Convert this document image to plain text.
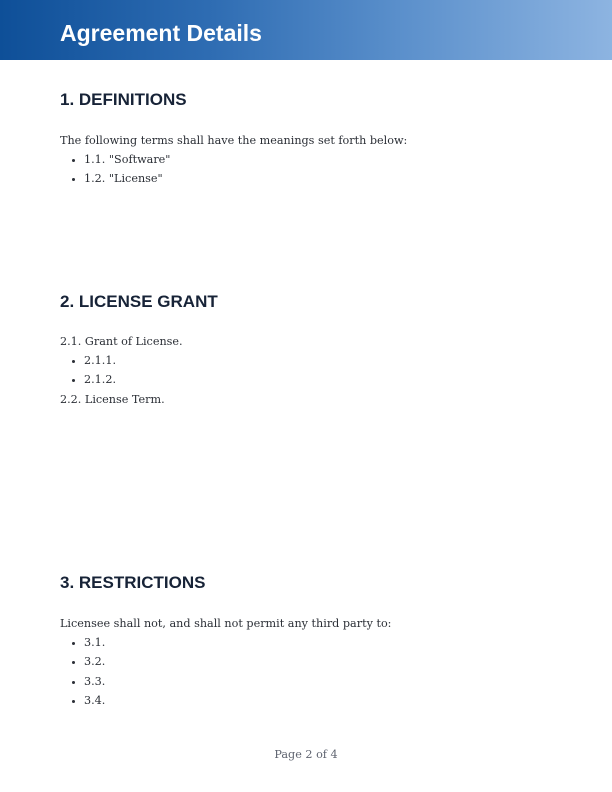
Agreement Details
1. DEFINITIONS

The following terms shall have the meanings set forth below:

• 1.1. "Software"
• 1.2. "License"
2. LICENSE GRANT

2.1. Grant of License.

• 2.1.1.
• 2.1.2.

2.2. License Term.

3. RESTRICTIONS

Licensee shall not, and shall not permit any third party to:

• 3.1.
• 3.2.
• 3.3.
• 3.4.
Page 2 of 4
